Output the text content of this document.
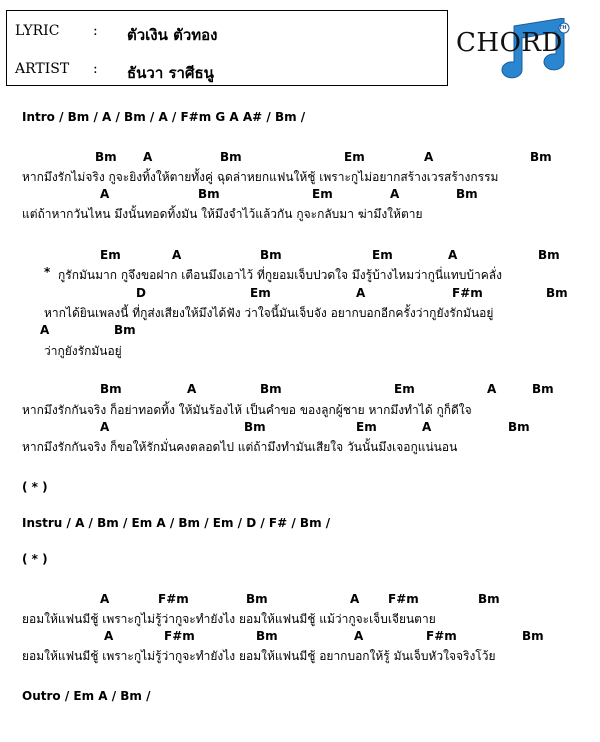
LYRIC	: ตัวเงิน ตัวทอง
ARTIST	: ธันวา ราศีธนู
CHORD
TH
Intro / Bm / A / Bm / A / F#m G A A# / Bm /
Bm A	Bm	Em	A	Bm
หากมึงรักไม่จริง กูจะยิงทิ้งให้ตายทั้งคู่ ฉุดล่าหยกแฟนให้ชู้ เพราะกูไม่อยากสร้างเวรสร้างกรรม
A	Bm	Em	A	Bm
แต่ถ้าหากวันไหน มึงนั้นทอดทิ้งมัน ให้มึงจำไว้แล้วกัน กูจะกลับมา ฆ่ามึงให้ตาย
Em	A	Bm	Em	A	Bm
* กูรักมันมาก กูจึงขอฝาก เตือนมึงเอาไว้ ที่กูยอมเจ็บปวดใจ มึงรู้บ้างไหมว่ากูนี่แทบบ้าคลั่ง
D	Em	A	F#m	Bm
หากได้ยินเพลงนี้ ที่กูส่งเสียงให้มึงได้ฟัง ว่าใจนี้มันเจ็บจัง อยากบอกอีกครั้งว่ากูยังรักมันอยู่
A	Bm
ว่ากูยังรักมันอยู่
Bm	A	Bm	Em	A	Bm
หากมึงรักกันจริง ก็อย่าทอดทิ้ง ให้มันร้องไห้ เป็นคำขอ ของลูกผู้ชาย หากมึงทำได้ กูก็ดีใจ
A	Bm	Em	A	Bm
หากมึงรักกันจริง ก็ขอให้รักมั่นคงตลอดไป แต่ถ้ามึงทำมันเสียใจ วันนั้นมึงเจอกูแน่นอน
( * )
Instru / A / Bm / Em A / Bm / Em / D / F# / Bm /
( * )
A	F#m	Bm	A F#m	Bm
ยอมให้แฟนมีชู้ เพราะกูไม่รู้ว่ากูจะทำยังไง ยอมให้แฟนมีชู้ แม้ว่ากูจะเจ็บเจียนตาย
A	F#m	Bm	A	F#m	Bm
ยอมให้แฟนมีชู้ เพราะกูไม่รู้ว่ากูจะทำยังไง ยอมให้แฟนมีชู้ อยากบอกให้รู้ มันเจ็บหัวใจจริงโว้ย
Outro / Em A / Bm /
